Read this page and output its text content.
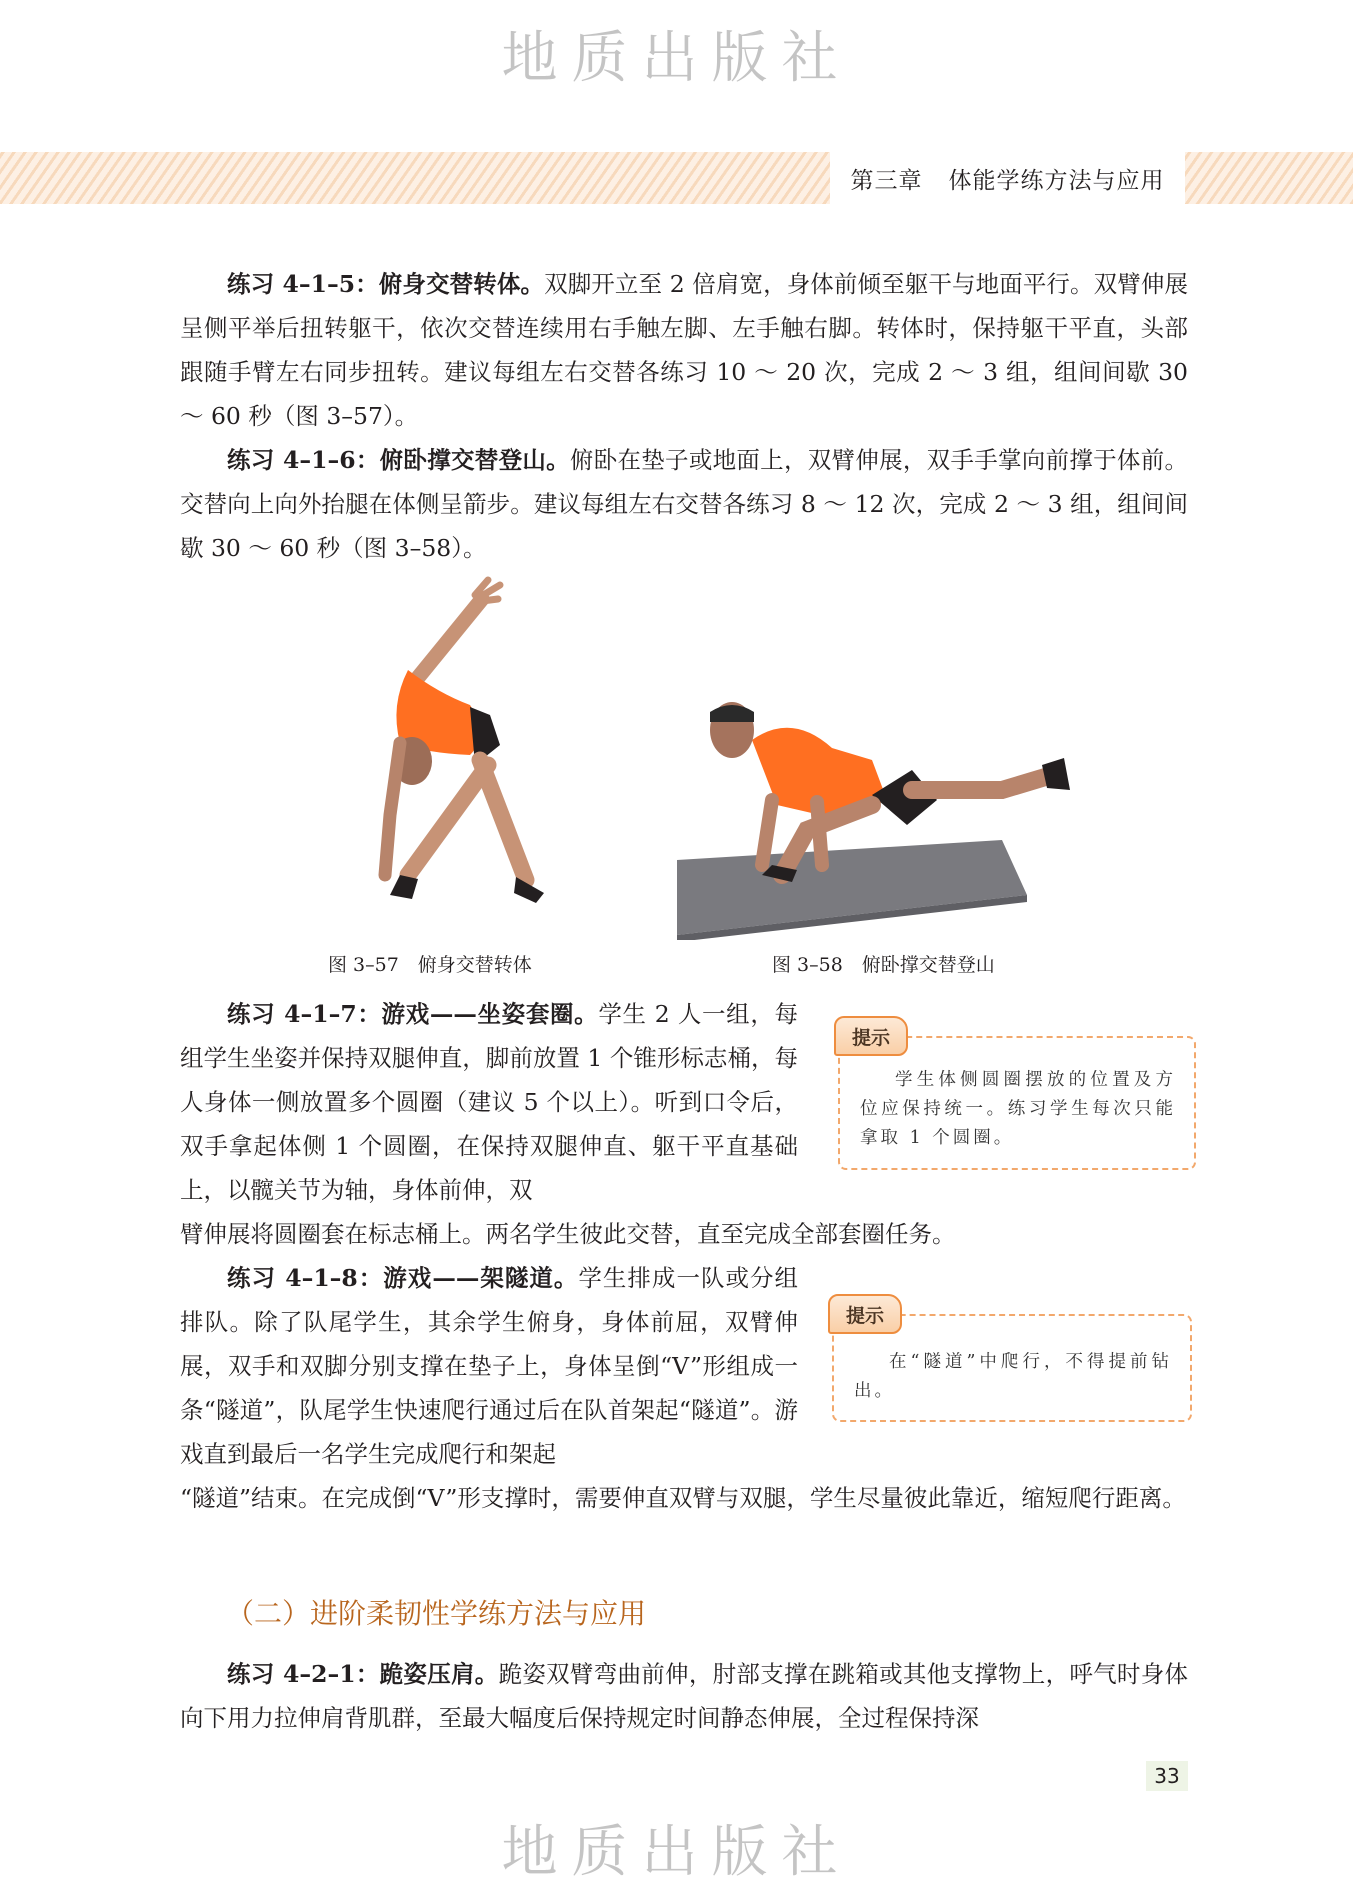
地质出版社
第三章 体能学练方法与应用

练习 4–1–5：俯身交替转体。双脚开立至 2 倍肩宽，身体前倾至躯干与地面平行。双臂伸展呈侧平举后扭转躯干，依次交替连续用右手触左脚、左手触右脚。转体时，保持躯干平直，头部跟随手臂左右同步扭转。建议每组左右交替各练习 10 ～ 20 次，完成 2 ～ 3 组，组间间歇 30 ～ 60 秒（图 3–57）。

练习 4–1–6：俯卧撑交替登山。俯卧在垫子或地面上，双臂伸展，双手手掌向前撑于体前。交替向上向外抬腿在体侧呈箭步。建议每组左右交替各练习 8 ～ 12 次，完成 2 ～ 3 组，组间间歇 30 ～ 60 秒（图 3–58）。

图 3–57　俯身交替转体	图 3–58　俯卧撑交替登山

练习 4–1–7：游戏——坐姿套圈。学生 2 人一组，每组学生坐姿并保持双腿伸直，脚前放置 1 个锥形标志桶，每人身体一侧放置多个圆圈（建议 5 个以上）。听到口令后，双手拿起体侧 1 个圆圈，在保持双腿伸直、躯干平直基础上，以髋关节为轴，身体前伸，双

臂伸展将圆圈套在标志桶上。两名学生彼此交替，直至完成全部套圈任务。

提示
学生体侧圆圈摆放的位置及方位应保持统一。练习学生每次只能拿取 1 个圆圈。

练习 4–1–8：游戏——架隧道。学生排成一队或分组排队。除了队尾学生，其余学生俯身，身体前屈，双臂伸展，双手和双脚分别支撑在垫子上，身体呈倒“V”形组成一条“隧道”，队尾学生快速爬行通过后在队首架起“隧道”。游戏直到最后一名学生完成爬行和架起

“隧道”结束。在完成倒“V”形支撑时，需要伸直双臂与双腿，学生尽量彼此靠近，缩短爬行距离。

提示
在“隧道”中爬行，不得提前钻出。
（二）进阶柔韧性学练方法与应用

练习 4–2–1：跪姿压肩。跪姿双臂弯曲前伸，肘部支撑在跳箱或其他支撑物上，呼气时身体向下用力拉伸肩背肌群，至最大幅度后保持规定时间静态伸展，全过程保持深

33
地质出版社
